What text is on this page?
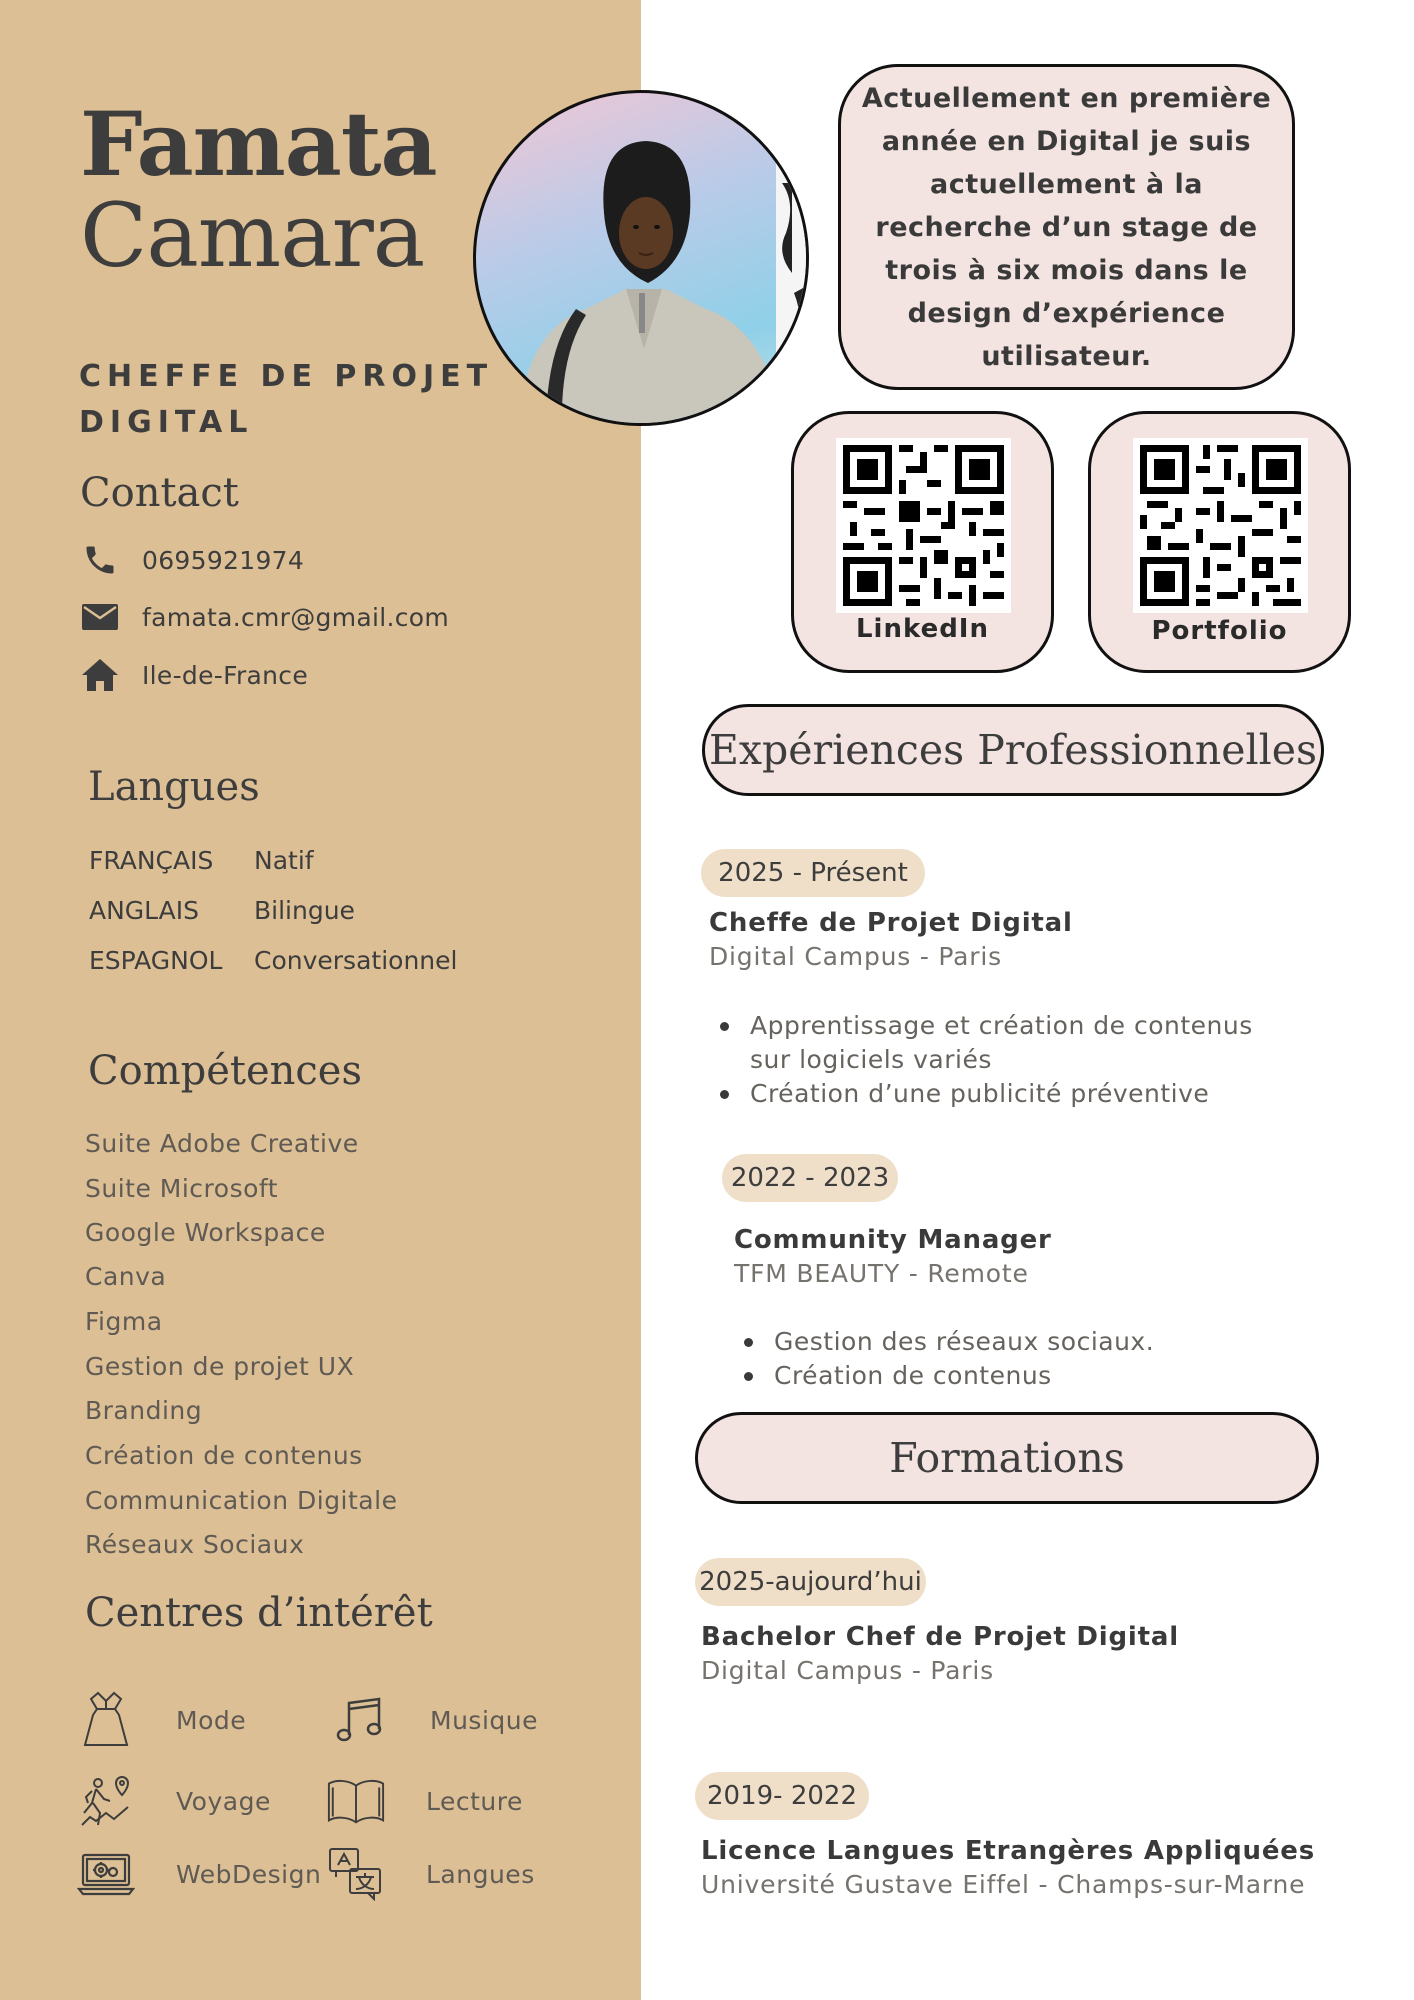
Famata
Camara
CHEFFE DE PROJET DIGITAL
Actuellement en première année en Digital je suis actuellement à la recherche d’un stage de trois à six mois dans le design d’expérience utilisateur.
LinkedIn	Portfolio
Contact
0695921974
famata.cmr@gmail.com
Ile-de-France
Langues
FRANÇAIS Natif
ANGLAIS Bilingue
ESPAGNOL Conversationnel
Compétences
Suite Adobe Creative
Suite Microsoft
Google Workspace
Canva
Figma
Gestion de projet UX
Branding
Création de contenus
Communication Digitale
Réseaux Sociaux
Centres d’intérêt
Mode	Musique
Voyage	Lecture
WebDesign	Langues
Expériences Professionnelles
2025 - Présent
Cheffe de Projet Digital
Digital Campus - Paris
Apprentissage et création de contenus sur logiciels variés
Création d’une publicité préventive
2022 - 2023
Community Manager
TFM BEAUTY - Remote
Gestion des réseaux sociaux.
Création de contenus
Formations
2025-aujourd’hui
Bachelor Chef de Projet Digital
Digital Campus - Paris
2019- 2022
Licence Langues Etrangères Appliquées
Université Gustave Eiffel - Champs-sur-Marne
